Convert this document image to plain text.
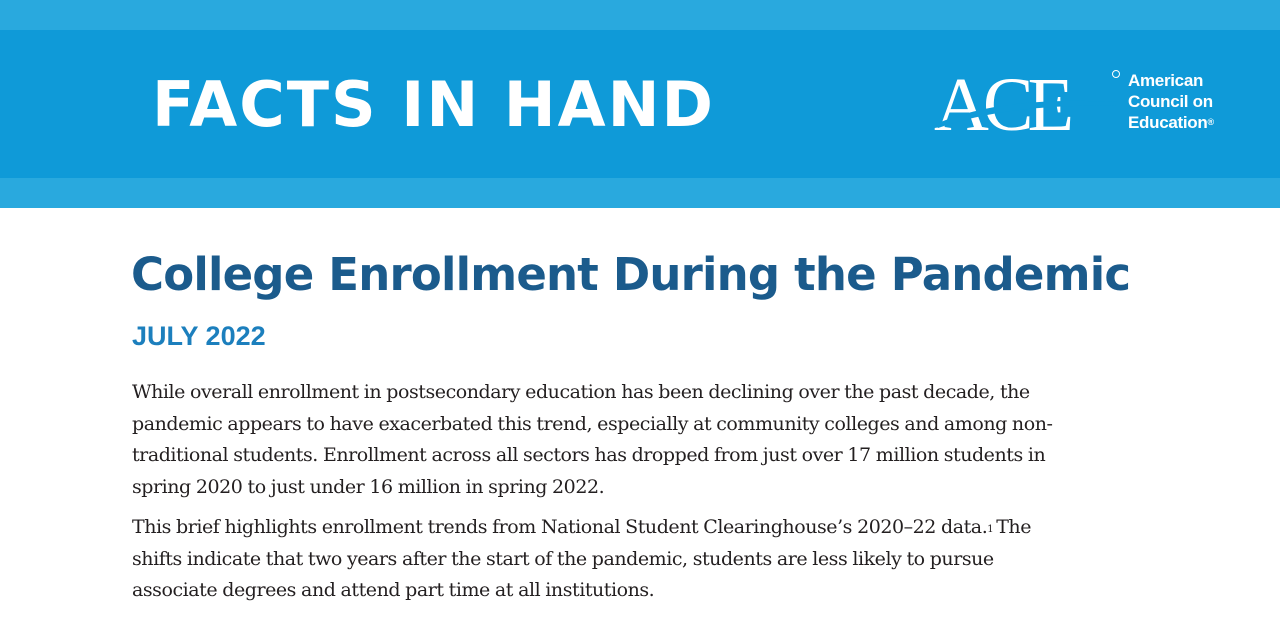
FACTS IN HAND	ACE	American
Council on
Education®
College Enrollment During the Pandemic
JULY 2022

While overall enrollment in postsecondary education has been declining over the past decade, the
pandemic appears to have exacerbated this trend, especially at community colleges and among non-
traditional students. Enrollment across all sectors has dropped from just over 17 million students in
spring 2020 to just under 16 million in spring 2022.

This brief highlights enrollment trends from National Student Clearinghouse’s 2020–22 data.$^1$ The
shifts indicate that two years after the start of the pandemic, students are less likely to pursue
associate degrees and attend part time at all institutions.
